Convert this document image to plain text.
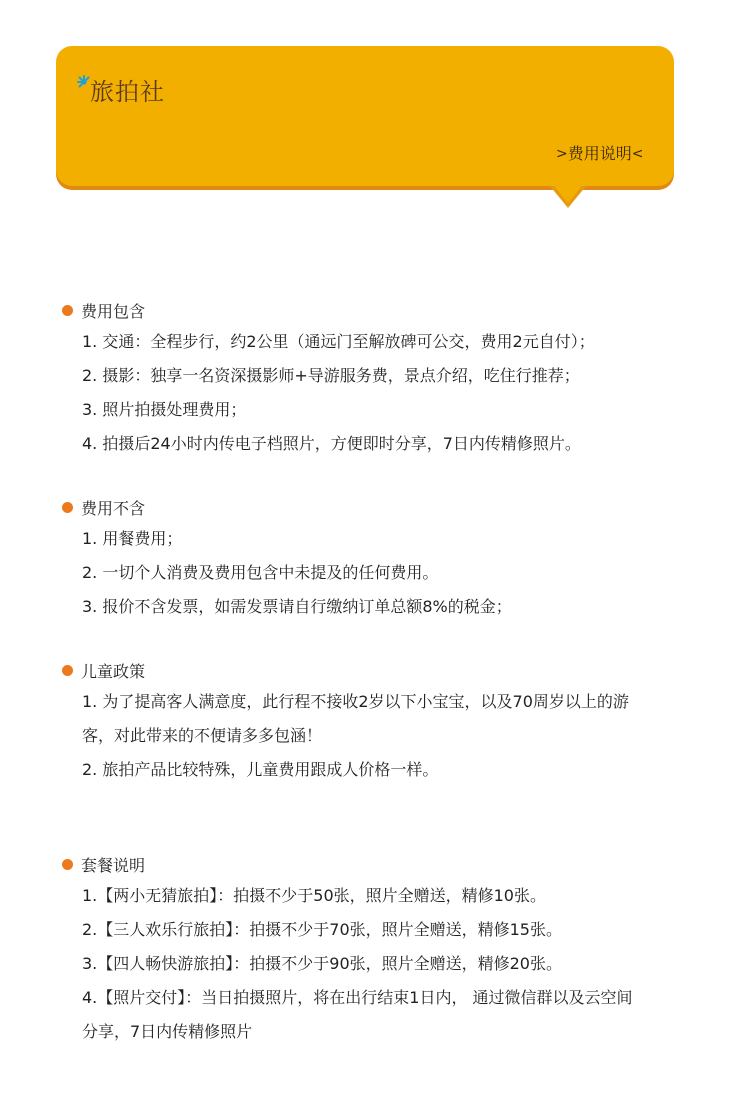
旅拍社
> 费用说明 <
费用包含
1. 交通：全程步行，约2公里（通远门至解放碑可公交，费用2元自付）；
2. 摄影：独享一名资深摄影师+导游服务费，景点介绍，吃住行推荐；
3. 照片拍摄处理费用；
4. 拍摄后24小时内传电子档照片，方便即时分享，7日内传精修照片。
费用不含
1. 用餐费用；
2. 一切个人消费及费用包含中未提及的任何费用。
3. 报价不含发票，如需发票请自行缴纳订单总额8%的税金；
儿童政策
1. 为了提高客人满意度，此行程不接收2岁以下小宝宝，以及70周岁以上的游客，对此带来的不便请多多包涵！
2. 旅拍产品比较特殊，儿童费用跟成人价格一样。
套餐说明
1.【两小无猜旅拍】：拍摄不少于50张，照片全赠送，精修10张。
2.【三人欢乐行旅拍】：拍摄不少于70张，照片全赠送，精修15张。
3.【四人畅快游旅拍】：拍摄不少于90张，照片全赠送，精修20张。
4.【照片交付】：当日拍摄照片，将在出行结束1日内， 通过微信群以及云空间分享，7日内传精修照片
